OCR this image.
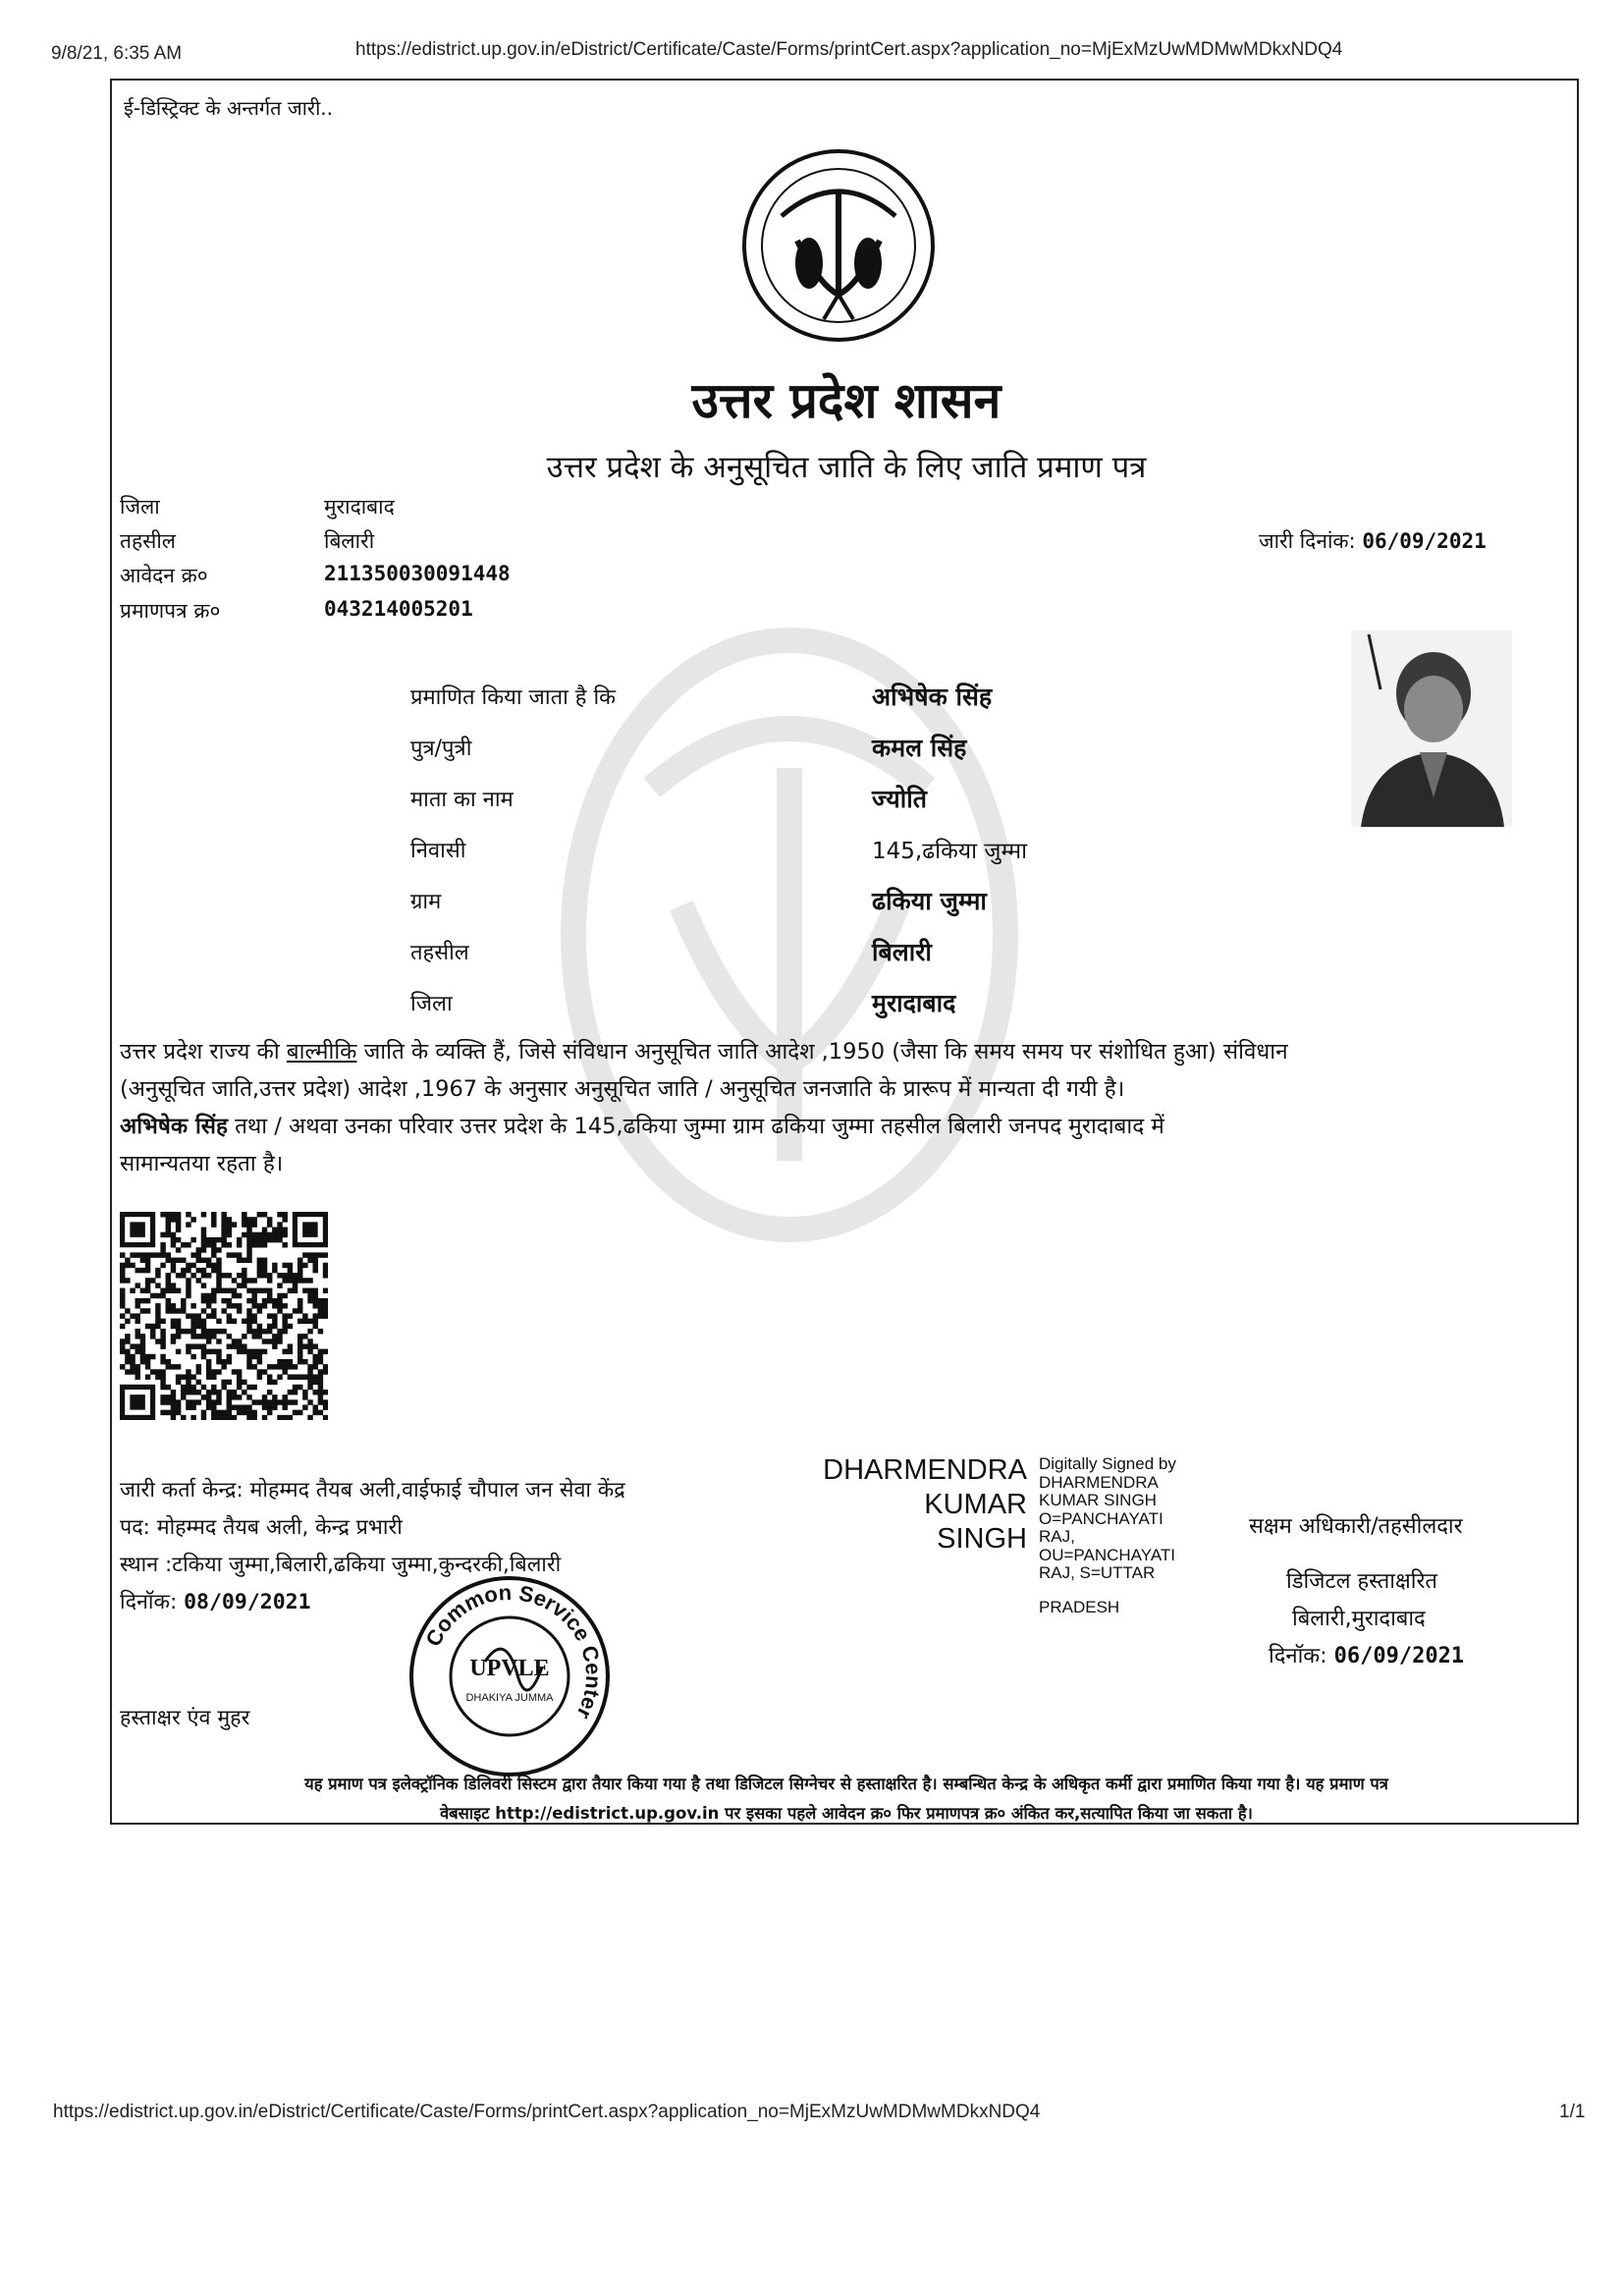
9/8/21, 6:35 AM	https://edistrict.up.gov.in/eDistrict/Certificate/Caste/Forms/printCert.aspx?application_no=MjExMzUwMDMwMDkxNDQ4
https://edistrict.up.gov.in/eDistrict/Certificate/Caste/Forms/printCert.aspx?application_no=MjExMzUwMDMwMDkxNDQ4	1/1
ई-डिस्ट्रिक्ट के अन्तर्गत जारी..
उत्तर प्रदेश शासन
उत्तर प्रदेश के अनुसूचित जाति के लिए जाति प्रमाण पत्र
जिला	मुरादाबाद
तहसील	बिलारी
आवेदन क्र०	211350030091448
प्रमाणपत्र क्र०	043214005201
जारी दिनांक: 06/09/2021
प्रमाणित किया जाता है कि	अभिषेक सिंह
पुत्र/पुत्री	कमल सिंह
माता का नाम	ज्योति
निवासी	145,ढकिया जुम्मा
ग्राम	ढकिया जुम्मा
तहसील	बिलारी
जिला	मुरादाबाद
उत्तर प्रदेश राज्य की बाल्मीकि जाति के व्यक्ति हैं, जिसे संविधान अनुसूचित जाति आदेश ,1950 (जैसा कि समय समय पर संशोधित हुआ) संविधान
(अनुसूचित जाति,उत्तर प्रदेश) आदेश ,1967 के अनुसार अनुसूचित जाति / अनुसूचित जनजाति के प्रारूप में मान्यता दी गयी है।
अभिषेक सिंह तथा / अथवा उनका परिवार उत्तर प्रदेश के 145,ढकिया जुम्मा ग्राम ढकिया जुम्मा तहसील बिलारी जनपद मुरादाबाद में
सामान्यतया रहता है।
जारी कर्ता केन्द्र: मोहम्मद तैयब अली,वाईफाई चौपाल जन सेवा केंद्र
पद: मोहम्मद तैयब अली, केन्द्र प्रभारी
स्थान :टकिया जुम्मा,बिलारी,ढकिया जुम्मा,कुन्दरकी,बिलारी
दिनॉक: 08/09/2021
हस्ताक्षर एंव मुहर
Common Service Center
UPVLE
DHAKIYA JUMMA
DHARMENDRA
KUMAR
SINGH
Digitally Signed by
DHARMENDRA
KUMAR SINGH
O=PANCHAYATI
RAJ,
OU=PANCHAYATI
RAJ, S=UTTAR
PRADESH
सक्षम अधिकारी/तहसीलदार
डिजिटल हस्ताक्षरित
बिलारी,मुरादाबाद
दिनॉक: 06/09/2021
यह प्रमाण पत्र इलेक्ट्रॉनिक डिलिवरी सिस्टम द्वारा तैयार किया गया है तथा डिजिटल सिग्नेचर से हस्ताक्षरित है। सम्बन्धित केन्द्र के अधिकृत कर्मी द्वारा प्रमाणित किया गया है। यह प्रमाण पत्र
वेबसाइट http://edistrict.up.gov.in पर इसका पहले आवेदन क्र० फिर प्रमाणपत्र क्र० अंकित कर,सत्यापित किया जा सकता है।
